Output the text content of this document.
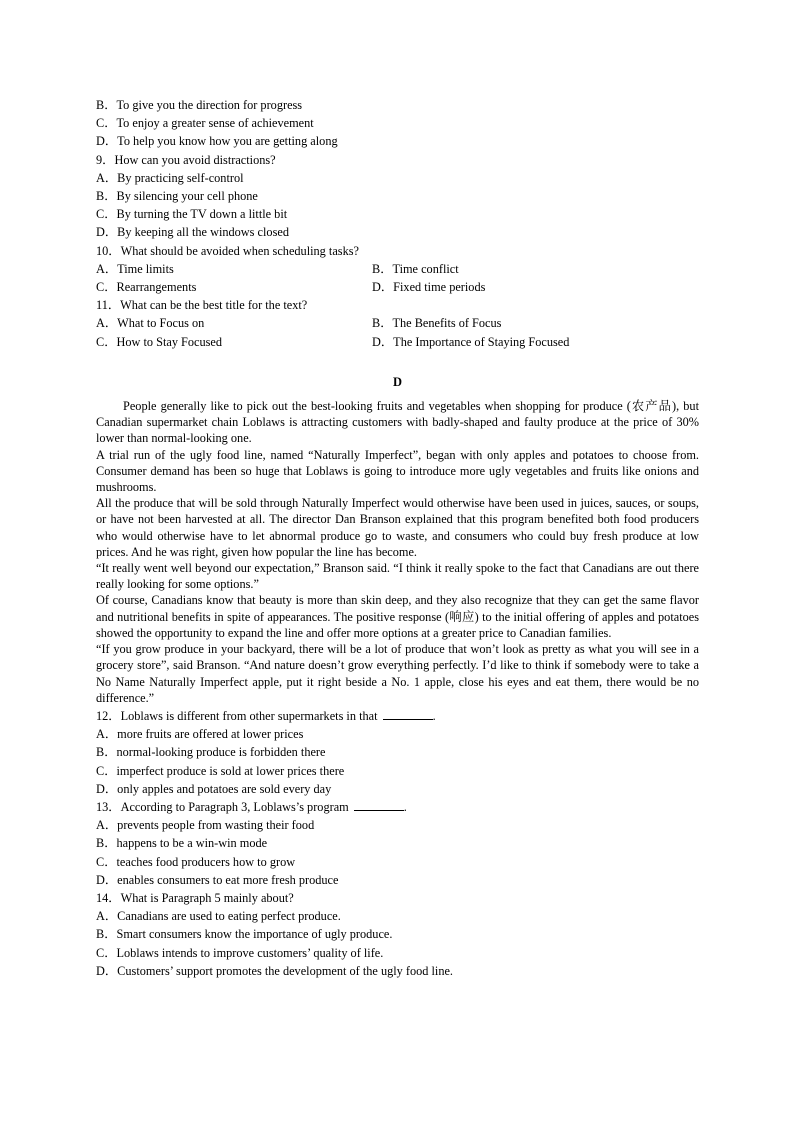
B．To give you the direction for progress
C．To enjoy a greater sense of achievement
D．To help you know how you are getting along
9．How can you avoid distractions?
A．By practicing self-control
B．By silencing your cell phone
C．By turning the TV down a little bit
D．By keeping all the windows closed
10．What should be avoided when scheduling tasks?
A．Time limits	B．Time conflict
C．Rearrangements	D．Fixed time periods
11．What can be the best title for the text?
A．What to Focus on	B．The Benefits of Focus
C．How to Stay Focused	D．The Importance of Staying Focused
D
People generally like to pick out the best-looking fruits and vegetables when shopping for produce (农产品), but Canadian supermarket chain Loblaws is attracting customers with badly-shaped and faulty produce at the price of 30% lower than normal-looking one.
A trial run of the ugly food line, named “Naturally Imperfect”, began with only apples and potatoes to choose from. Consumer demand has been so huge that Loblaws is going to introduce more ugly vegetables and fruits like onions and mushrooms.
All the produce that will be sold through Naturally Imperfect would otherwise have been used in juices, sauces, or soups, or have not been harvested at all. The director Dan Branson explained that this program benefited both food producers who would otherwise have to let abnormal produce go to waste, and consumers who could buy fresh produce at low prices. And he was right, given how popular the line has become.
“It really went well beyond our expectation,” Branson said. “I think it really spoke to the fact that Canadians are out there really looking for some options.”
Of course, Canadians know that beauty is more than skin deep, and they also recognize that they can get the same flavor and nutritional benefits in spite of appearances. The positive response (响应) to the initial offering of apples and potatoes showed the opportunity to expand the line and offer more options at a greater price to Canadian families.
“If you grow produce in your backyard, there will be a lot of produce that won’t look as pretty as what you will see in a grocery store”, said Branson. “And nature doesn’t grow everything perfectly. I’d like to think if somebody were to take a No Name Naturally Imperfect apple, put it right beside a No. 1 apple, close his eyes and eat them, there would be no difference.”
12．Loblaws is different from other supermarkets in that	.
A．more fruits are offered at lower prices
B．normal-looking produce is forbidden there
C．imperfect produce is sold at lower prices there
D．only apples and potatoes are sold every day
13．According to Paragraph 3, Loblaws’s program	.
A．prevents people from wasting their food
B．happens to be a win-win mode
C．teaches food producers how to grow
D．enables consumers to eat more fresh produce
14．What is Paragraph 5 mainly about?
A．Canadians are used to eating perfect produce.
B．Smart consumers know the importance of ugly produce.
C．Loblaws intends to improve customers’ quality of life.
D．Customers’ support promotes the development of the ugly food line.
